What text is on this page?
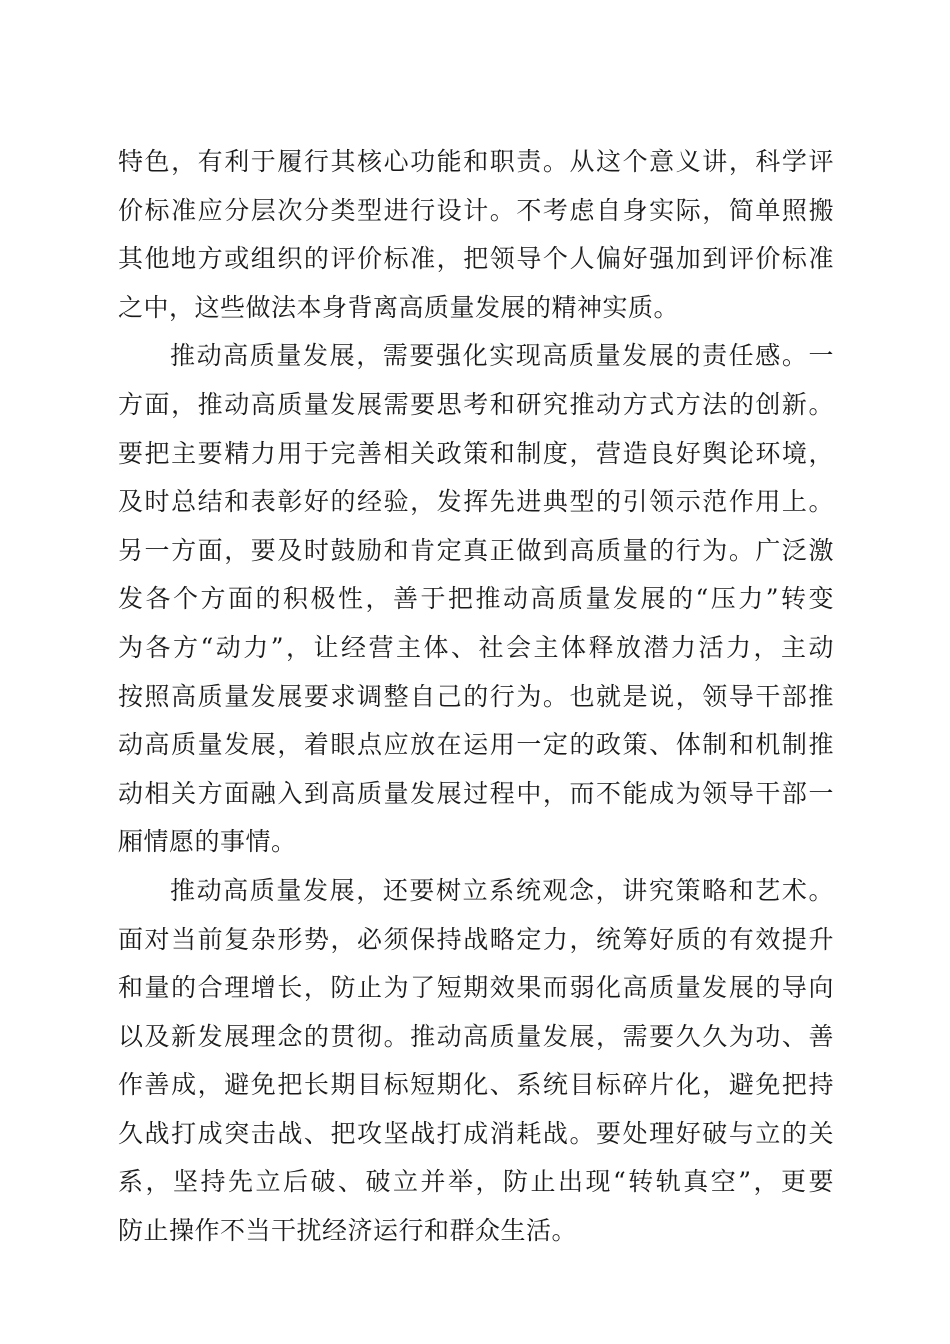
特色，有利于履行其核心功能和职责。从这个意义讲，科学评
价标准应分层次分类型进行设计。不考虑自身实际，简单照搬
其他地方或组织的评价标准，把领导个人偏好强加到评价标准
之中，这些做法本身背离高质量发展的精神实质。
推动高质量发展，需要强化实现高质量发展的责任感。一
方面，推动高质量发展需要思考和研究推动方式方法的创新。
要把主要精力用于完善相关政策和制度，营造良好舆论环境，
及时总结和表彰好的经验，发挥先进典型的引领示范作用上。
另一方面，要及时鼓励和肯定真正做到高质量的行为。广泛激
发各个方面的积极性，善于把推动高质量发展的“压力”转变
为各方“动力”，让经营主体、社会主体释放潜力活力，主动
按照高质量发展要求调整自己的行为。也就是说，领导干部推
动高质量发展，着眼点应放在运用一定的政策、体制和机制推
动相关方面融入到高质量发展过程中，而不能成为领导干部一
厢情愿的事情。
推动高质量发展，还要树立系统观念，讲究策略和艺术。
面对当前复杂形势，必须保持战略定力，统筹好质的有效提升
和量的合理增长，防止为了短期效果而弱化高质量发展的导向
以及新发展理念的贯彻。推动高质量发展，需要久久为功、善
作善成，避免把长期目标短期化、系统目标碎片化，避免把持
久战打成突击战、把攻坚战打成消耗战。要处理好破与立的关
系，坚持先立后破、破立并举，防止出现“转轨真空”，更要
防止操作不当干扰经济运行和群众生活。
